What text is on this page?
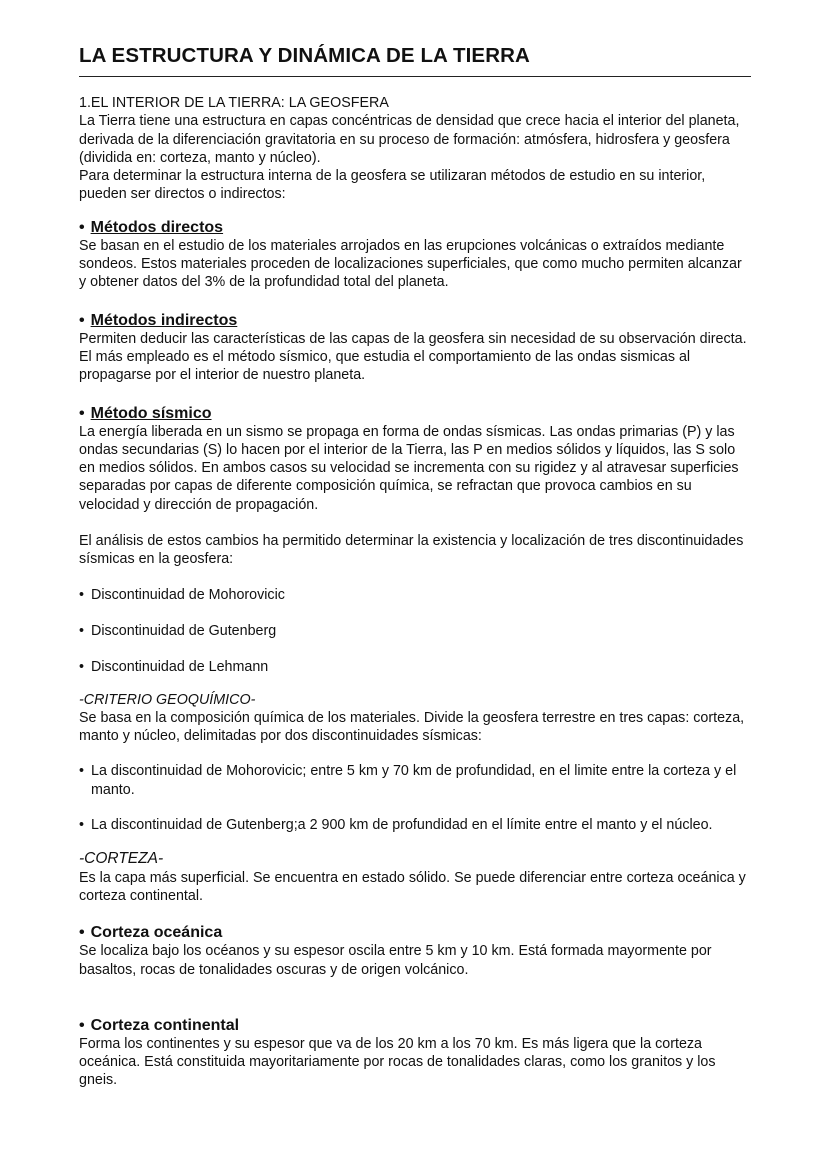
LA ESTRUCTURA Y DINÁMICA DE LA TIERRA

1.EL INTERIOR DE LA TIERRA: LA GEOSFERA

La Tierra tiene una estructura en capas concéntricas de densidad que crece hacia el interior del planeta, derivada de la diferenciación gravitatoria en su proceso de formación: atmósfera, hidrosfera y geosfera (dividida en: corteza, manto y núcleo).

Para determinar la estructura interna de la geosfera se utilizaran métodos de estudio en su interior, pueden ser directos o indirectos:

• Métodos directos

Se basan en el estudio de los materiales arrojados en las erupciones volcánicas o extraídos mediante sondeos. Estos materiales proceden de localizaciones superficiales, que como mucho permiten alcanzar y obtener datos del 3% de la profundidad total del planeta.

• Métodos indirectos

Permiten deducir las características de las capas de la geosfera sin necesidad de su observación directa. El más empleado es el método sísmico, que estudia el comportamiento de las ondas sismicas al propagarse por el interior de nuestro planeta.

• Método sísmico

La energía liberada en un sismo se propaga en forma de ondas sísmicas. Las ondas primarias (P) y las ondas secundarias (S) lo hacen por el interior de la Tierra, las P en medios sólidos y líquidos, las S solo en medios sólidos. En ambos casos su velocidad se incrementa con su rigidez y al atravesar superficies separadas por capas de diferente composición química, se refractan que provoca cambios en su velocidad y dirección de propagación.

El análisis de estos cambios ha permitido determinar la existencia y localización de tres discontinuidades sísmicas en la geosfera:

• Discontinuidad de Mohorovicic
• Discontinuidad de Gutenberg
• Discontinuidad de Lehmann

-CRITERIO GEOQUÍMICO-

Se basa en la composición química de los materiales. Divide la geosfera terrestre en tres capas: corteza, manto y núcleo, delimitadas por dos discontinuidades sísmicas:

• La discontinuidad de Mohorovicic; entre 5 km y 70 km de profundidad, en el limite entre la corteza y el manto.
• La discontinuidad de Gutenberg;a 2 900 km de profundidad en el límite entre el manto y el núcleo.

-CORTEZA-

Es la capa más superficial. Se encuentra en estado sólido. Se puede diferenciar entre corteza oceánica y corteza continental.

• Corteza oceánica

Se localiza bajo los océanos y su espesor oscila entre 5 km y 10 km. Está formada mayormente por basaltos, rocas de tonalidades oscuras y de origen volcánico.

• Corteza continental

Forma los continentes y su espesor que va de los 20 km a los 70 km. Es más ligera que la corteza oceánica. Está constituida mayoritariamente por rocas de tonalidades claras, como los granitos y los gneis.
